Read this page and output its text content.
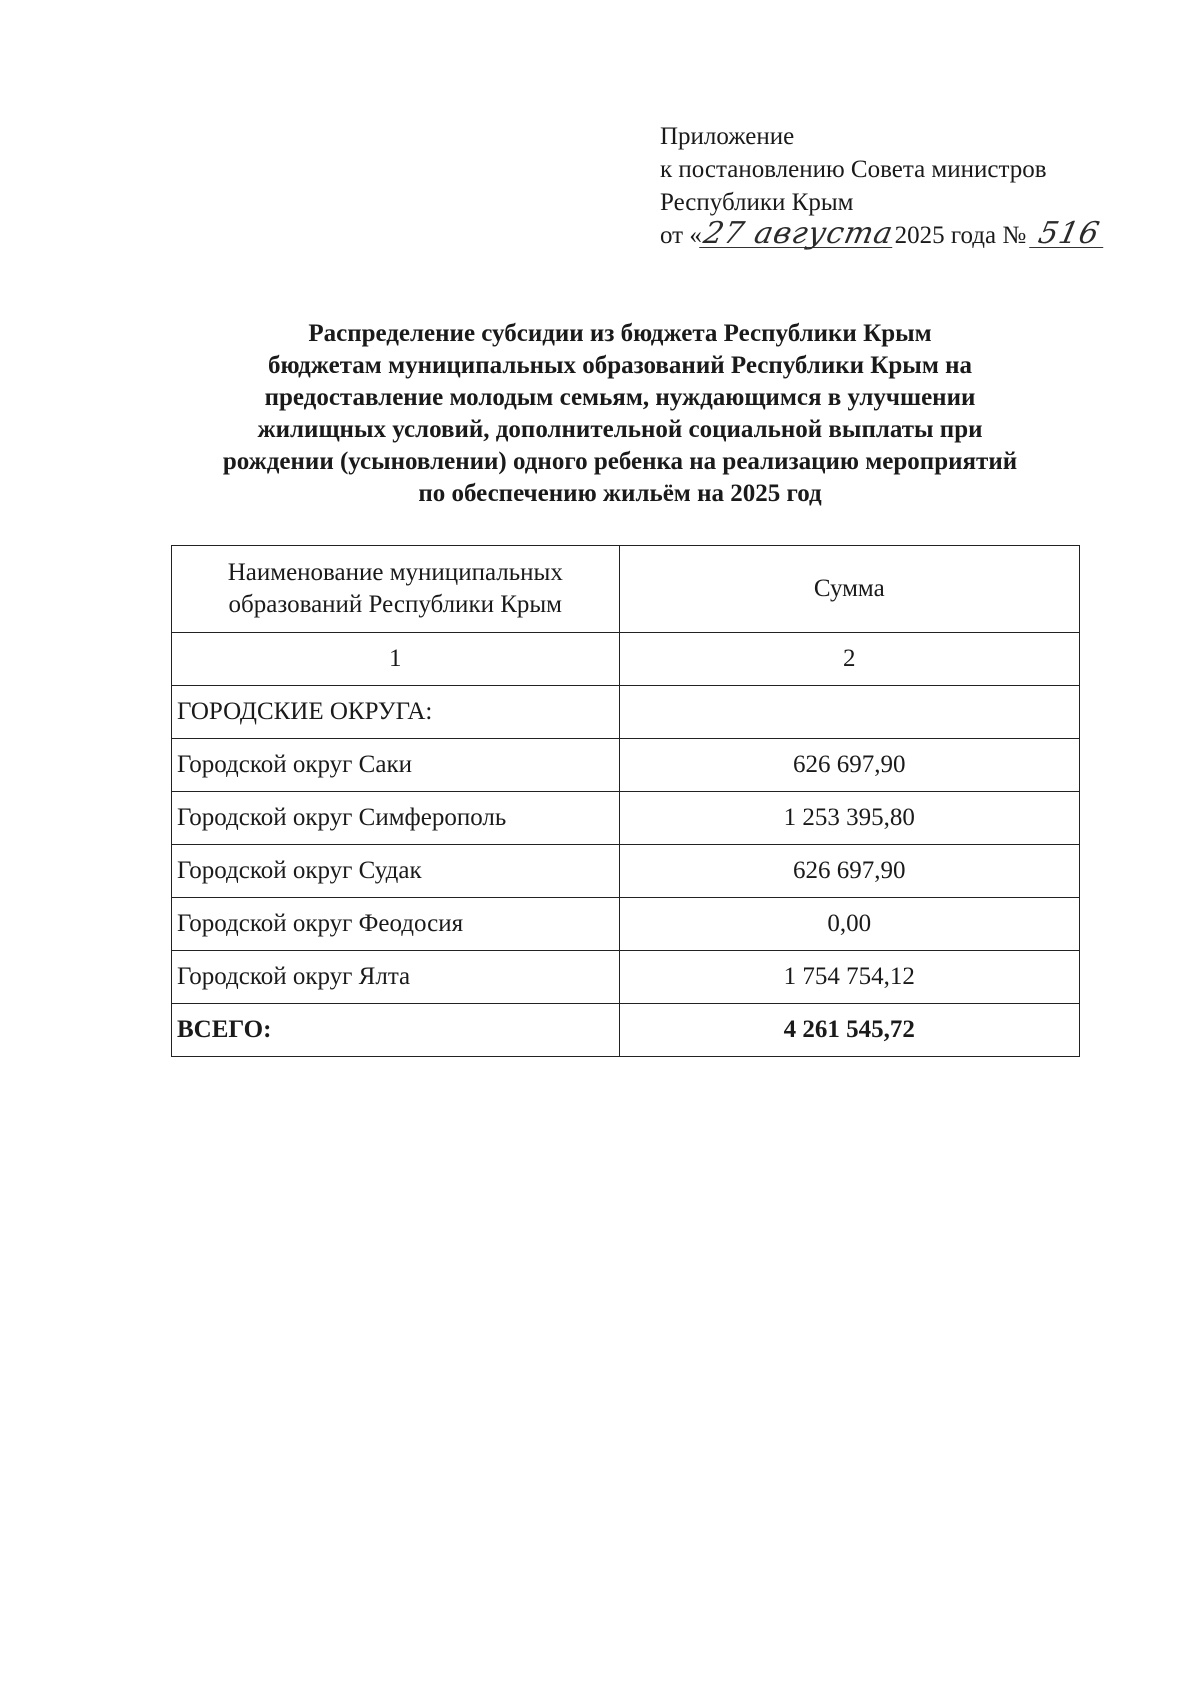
Приложение
к постановлению Совета министров
Республики Крым
от «27 августа2025 года № 516
Распределение субсидии из бюджета Республики Крым
бюджетам муниципальных образований Республики Крым на
предоставление молодым семьям, нуждающимся в улучшении
жилищных условий, дополнительной социальной выплаты при
рождении (усыновлении) одного ребенка на реализацию мероприятий
по обеспечению жильём на 2025 год
Наименование муниципальных
образований Республики Крым	Сумма
1	2
ГОРОДСКИЕ ОКРУГА:	
Городской округ Саки	626 697,90
Городской округ Симферополь	1 253 395,80
Городской округ Судак	626 697,90
Городской округ Феодосия	0,00
Городской округ Ялта	1 754 754,12
ВСЕГО:	4 261 545,72
